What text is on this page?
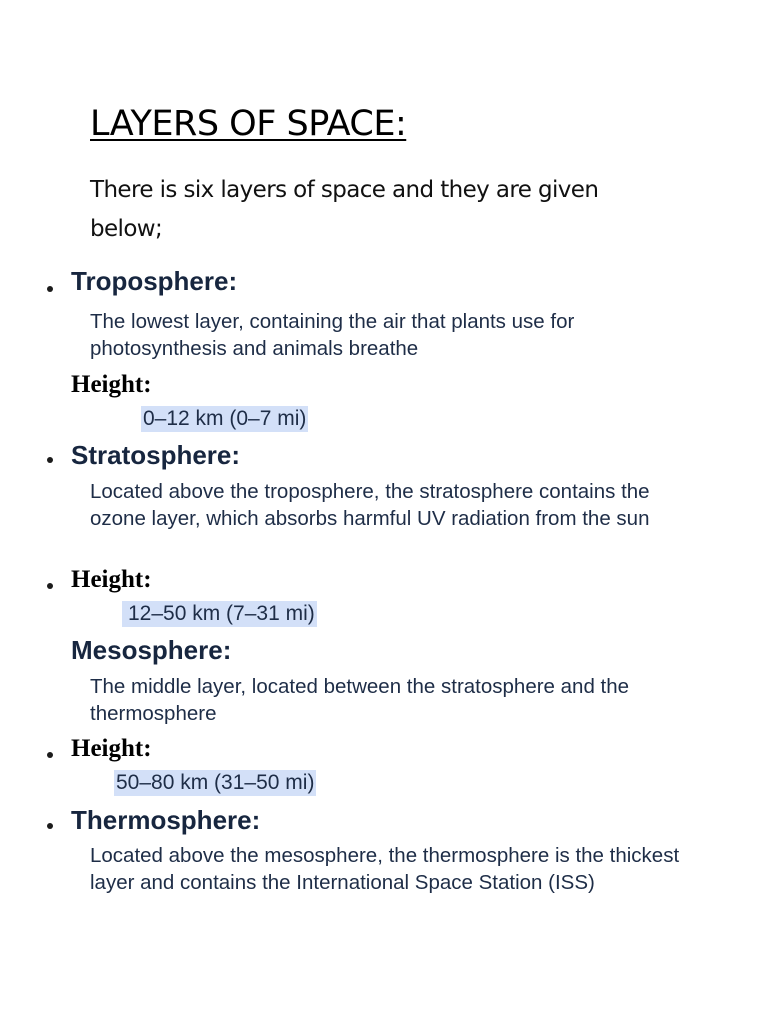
LAYERS OF SPACE:
There is six layers of space and they are given below;
Troposphere:
The lowest layer, containing the air that plants use for photosynthesis and animals breathe
Height:
0–12 km (0–7 mi)
Stratosphere:
Located above the troposphere, the stratosphere contains the ozone layer, which absorbs harmful UV radiation from the sun
Height:
12–50 km (7–31 mi)
Mesosphere:
The middle layer, located between the stratosphere and the thermosphere
Height:
50–80 km (31–50 mi)
Thermosphere:
Located above the mesosphere, the thermosphere is the thickest layer and contains the International Space Station (ISS)
